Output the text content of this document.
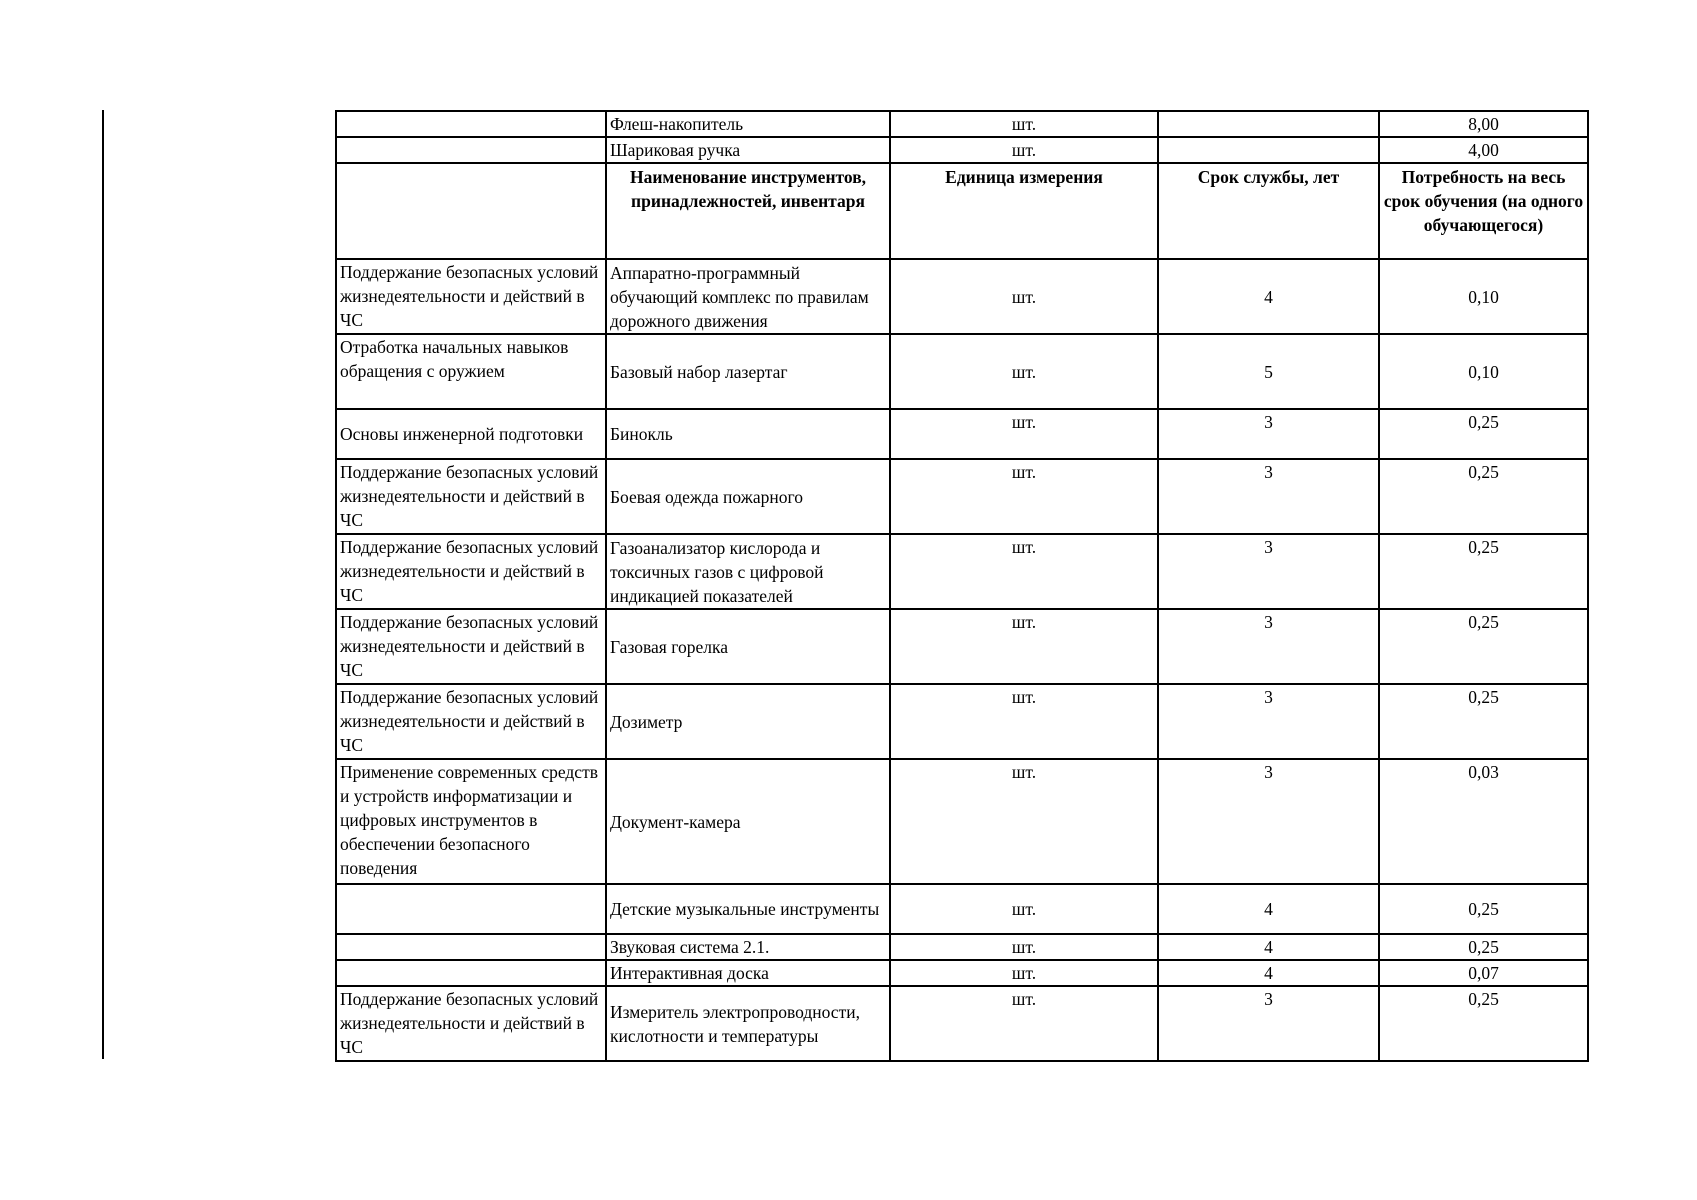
	Флеш-накопитель	шт.		8,00
	Шариковая ручка	шт.		4,00
	Наименование инструментов, принадлежностей, инвентаря	Единица измерения	Срок службы, лет	Потребность на весь срок обучения (на одного обучающегося)
Поддержание безопасных условий жизнедеятельности и действий в ЧС	Аппаратно-программный обучающий комплекс по правилам дорожного движения	шт.	4	0,10
Отработка начальных навыков обращения с оружием	Базовый набор лазертаг	шт.	5	0,10
Основы инженерной подготовки	Бинокль	шт.	3	0,25
Поддержание безопасных условий жизнедеятельности и действий в ЧС	Боевая одежда пожарного	шт.	3	0,25
Поддержание безопасных условий жизнедеятельности и действий в ЧС	Газоанализатор кислорода и токсичных газов с цифровой индикацией показателей	шт.	3	0,25
Поддержание безопасных условий жизнедеятельности и действий в ЧС	Газовая горелка	шт.	3	0,25
Поддержание безопасных условий жизнедеятельности и действий в ЧС	Дозиметр	шт.	3	0,25
Применение современных средств и устройств информатизации и цифровых инструментов в обеспечении безопасного поведения	Документ-камера	шт.	3	0,03
	Детские музыкальные инструменты	шт.	4	0,25
	Звуковая система 2.1.	шт.	4	0,25
	Интерактивная доска	шт.	4	0,07
Поддержание безопасных условий жизнедеятельности и действий в ЧС	Измеритель электропроводности, кислотности и температуры	шт.	3	0,25
